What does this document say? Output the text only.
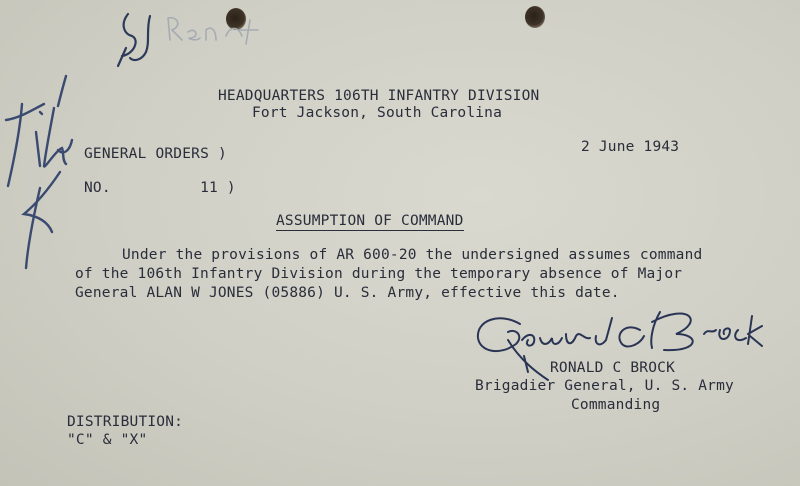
HEADQUARTERS 106TH INFANTRY DIVISION
Fort Jackson, South Carolina
GENERAL ORDERS )	2 June 1943
NO.          11 )
ASSUMPTION OF COMMAND
Under the provisions of AR 600-20 the undersigned assumes command
of the 106th Infantry Division during the temporary absence of Major
General ALAN W JONES (05886) U. S. Army, effective this date.
RONALD C BROCK
Brigadier General, U. S. Army
Commanding
DISTRIBUTION:
"C" & "X"
